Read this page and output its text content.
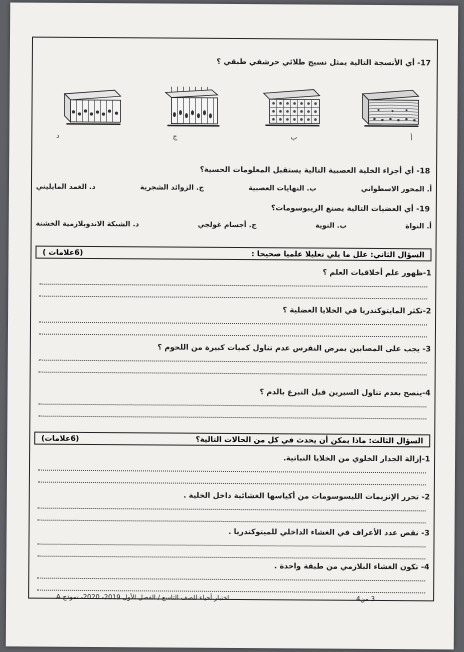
17- أي الأنسجة التالية يمثل نسيج طلائي حرشفي طبقي ؟
أ
ب
ج
د
18- أي أجزاء الخلية العصبية التالية يستقبل المعلومات الحسية؟
أ. المحور الاسطواني
ب. النهايات العصبية
ج. الزوائد الشجرية
د. الغمد المايليني
19- أي العضيات التالية يصنع الريبوسومات؟
أ. النواة
ب. النوية
ج. أجسام غولجي
د. الشبكة الاندوبلازمية الخشنة
السؤال الثاني: علل ما يلي تعليلا علميا صحيحا :
(6علامات )
1-ظهور علم أخلاقيات العلم ؟
2-تكثر المايتوكندريا في الخلايا العضلية ؟
3- يجب على المصابين بمرض النقرس عدم تناول كميات كبيرة من اللحوم ؟
4-ينصح بعدم تناول السيرين قبل التبرع بالدم ؟
السؤال الثالث: ماذا يمكن أن يحدث في كل من الحالات التالية؟
(6علامات)
1-إزالة الجدار الخلوي من الخلايا النباتية.
2- تحرر الإنزيمات الليسوسومات من أكياسها الغشائية داخل الخلية .
3- نقص عدد الأعراف في الغشاء الداخلي للميتوكندريا .
4- تكون الغشاء البلازمي من طبقة واحدة .
اختبار أحياء للصف التاسع / الفصل الأول 2019- 2020- نموذج A	3 من4
